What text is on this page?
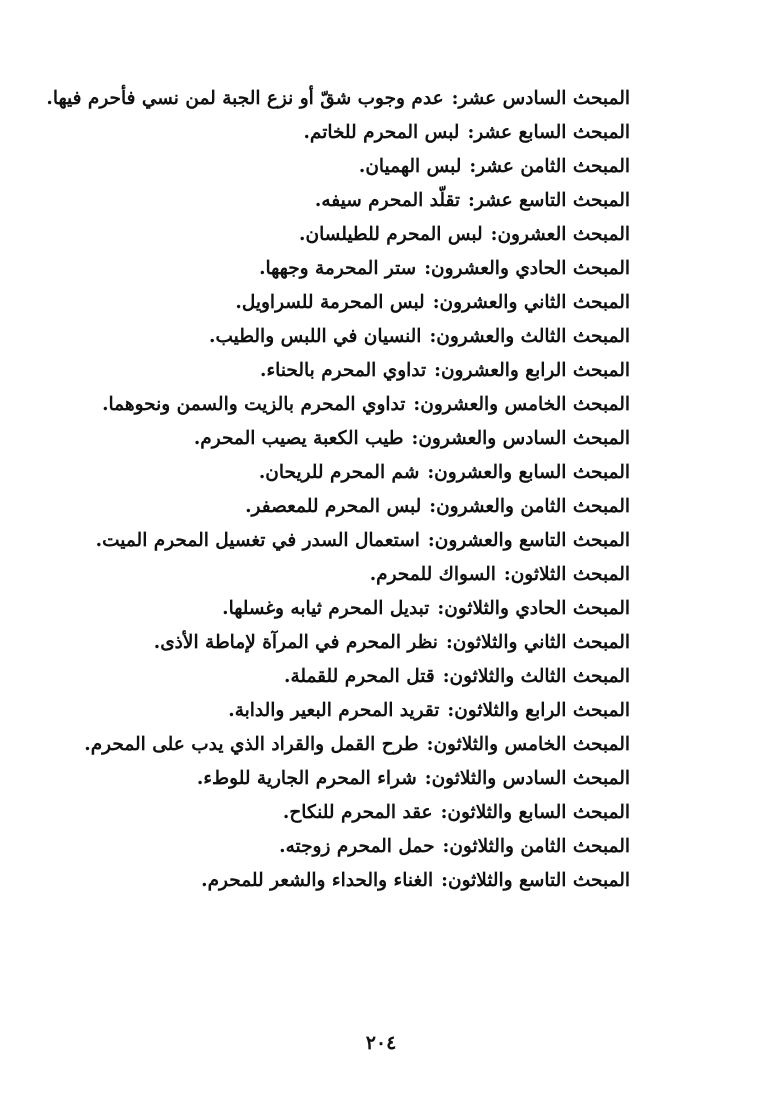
المبحث السادس عشر:عدم وجوب شقّ أو نزع الجبة لمن نسي فأحرم فيها.
المبحث السابع عشر:لبس المحرم للخاتم.
المبحث الثامن عشر:لبس الهميان.
المبحث التاسع عشر:تقلّد المحرم سيفه.
المبحث العشرون:لبس المحرم للطيلسان.
المبحث الحادي والعشرون:ستر المحرمة وجهها.
المبحث الثاني والعشرون:لبس المحرمة للسراويل.
المبحث الثالث والعشرون:النسيان في اللبس والطيب.
المبحث الرابع والعشرون:تداوي المحرم بالحناء.
المبحث الخامس والعشرون:تداوي المحرم بالزيت والسمن ونحوهما.
المبحث السادس والعشرون:طيب الكعبة يصيب المحرم.
المبحث السابع والعشرون:شم المحرم للريحان.
المبحث الثامن والعشرون:لبس المحرم للمعصفر.
المبحث التاسع والعشرون:استعمال السدر في تغسيل المحرم الميت.
المبحث الثلاثون:السواك للمحرم.
المبحث الحادي والثلاثون:تبديل المحرم ثيابه وغسلها.
المبحث الثاني والثلاثون:نظر المحرم في المرآة لإماطة الأذى.
المبحث الثالث والثلاثون:قتل المحرم للقملة.
المبحث الرابع والثلاثون:تقريد المحرم البعير والدابة.
المبحث الخامس والثلاثون:طرح القمل والقراد الذي يدب على المحرم.
المبحث السادس والثلاثون:شراء المحرم الجارية للوطء.
المبحث السابع والثلاثون:عقد المحرم للنكاح.
المبحث الثامن والثلاثون:حمل المحرم زوجته.
المبحث التاسع والثلاثون:الغناء والحداء والشعر للمحرم.
٢٠٤
